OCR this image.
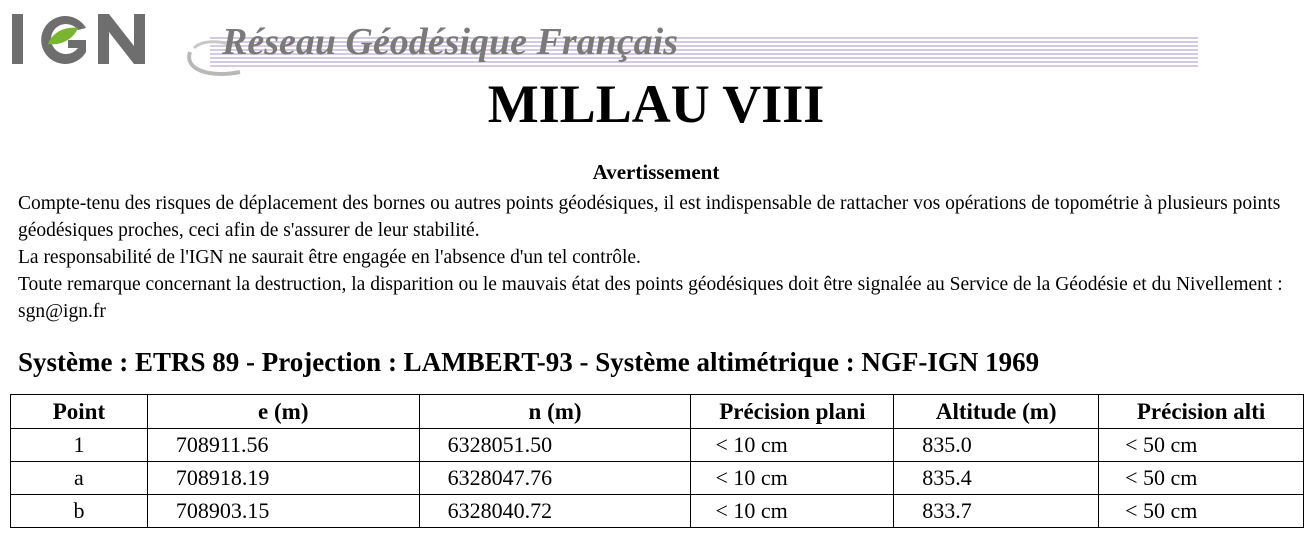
Réseau Géodésique Français
MILLAU VIII
Avertissement

Compte-tenu des risques de déplacement des bornes ou autres points géodésiques, il est indispensable de rattacher vos opérations de topométrie à plusieurs points géodésiques proches, ceci afin de s'assurer de leur stabilité.

La responsabilité de l'IGN ne saurait être engagée en l'absence d'un tel contrôle.

Toute remarque concernant la destruction, la disparition ou le mauvais état des points géodésiques doit être signalée au Service de la Géodésie et du Nivellement : sgn@ign.fr

Système : ETRS 89 - Projection : LAMBERT-93 - Système altimétrique : NGF-IGN 1969
Point	e (m)	n (m)	Précision plani	Altitude (m)	Précision alti
1	708911.56	6328051.50	< 10 cm	835.0	< 50 cm
a	708918.19	6328047.76	< 10 cm	835.4	< 50 cm
b	708903.15	6328040.72	< 10 cm	833.7	< 50 cm
